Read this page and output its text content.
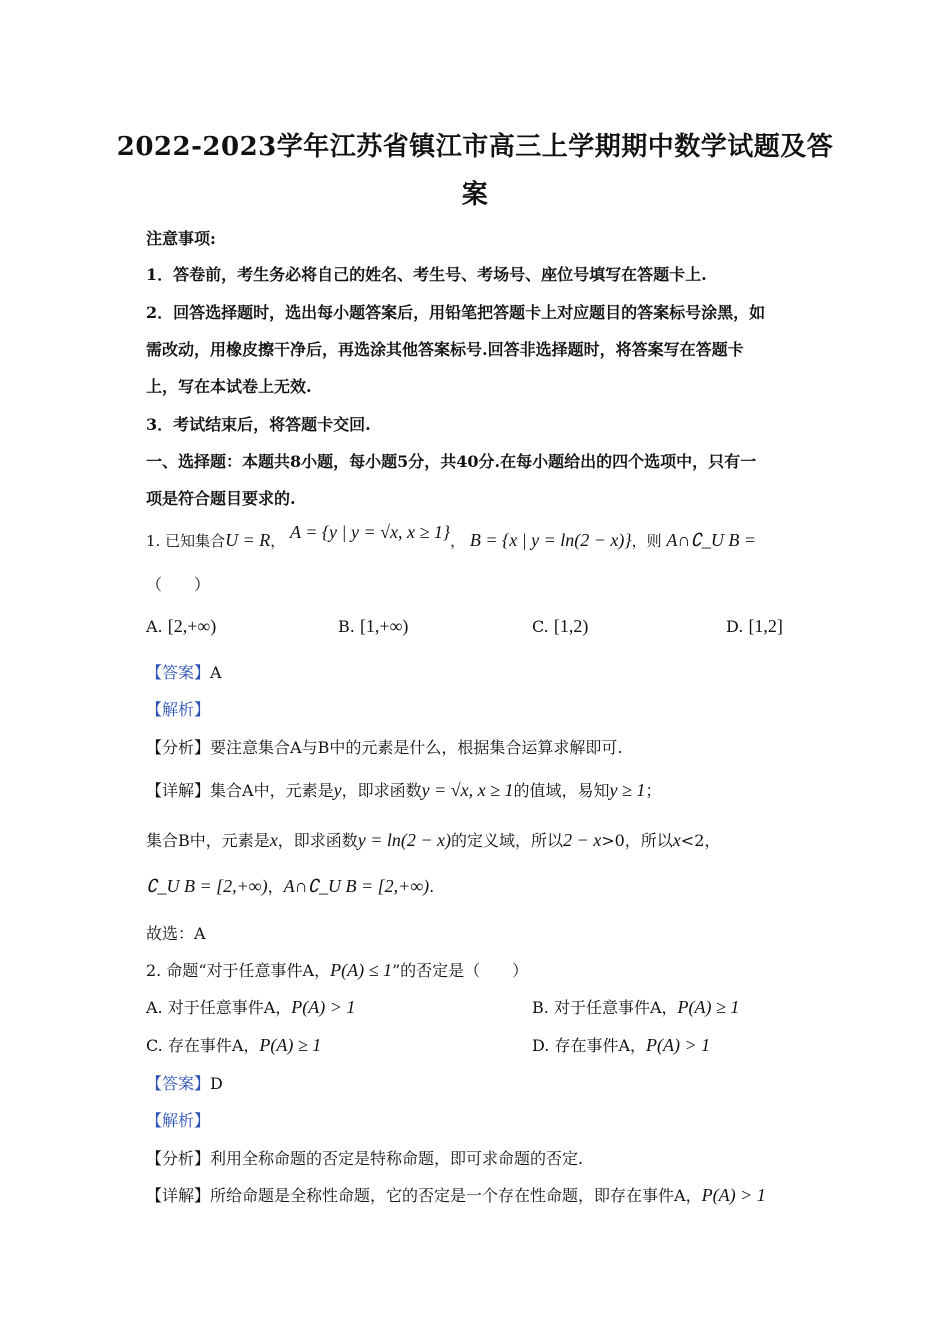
2022-2023学年江苏省镇江市高三上学期期中数学试题及答
案
注意事项:
1．答卷前，考生务必将自己的姓名、考生号、考场号、座位号填写在答题卡上.
2．回答选择题时，选出每小题答案后，用铅笔把答题卡上对应题目的答案标号涂黑，如
需改动，用橡皮擦干净后，再选涂其他答案标号.回答非选择题时，将答案写在答题卡
上，写在本试卷上无效.
3．考试结束后，将答题卡交回.
一、选择题：本题共8小题，每小题5分，共40分.在每小题给出的四个选项中，只有一
项是符合题目要求的.
1. 已知集合U = R， A = {y | y = √x, x ≥ 1}， B = {x | y = ln(2 − x)}，则 A∩∁_U B =
（　　）
A. [2,+∞)	B. [1,+∞)	C. [1,2)	D. [1,2]
【答案】A
【解析】
【分析】要注意集合A与B中的元素是什么，根据集合运算求解即可.
【详解】集合A中，元素是y，即求函数y = √x, x ≥ 1的值域，易知y ≥ 1；
集合B中，元素是x，即求函数y = ln(2 − x)的定义域，所以2 − x>0，所以x<2，
∁_U B = [2,+∞)，A∩∁_U B = [2,+∞).
故选：A
2. 命题“对于任意事件A，P(A) ≤ 1”的否定是（　　）
A. 对于任意事件A，P(A) > 1	B. 对于任意事件A，P(A) ≥ 1
C. 存在事件A，P(A) ≥ 1	D. 存在事件A，P(A) > 1
【答案】D
【解析】
【分析】利用全称命题的否定是特称命题，即可求命题的否定.
【详解】所给命题是全称性命题，它的否定是一个存在性命题，即存在事件A，P(A) > 1
